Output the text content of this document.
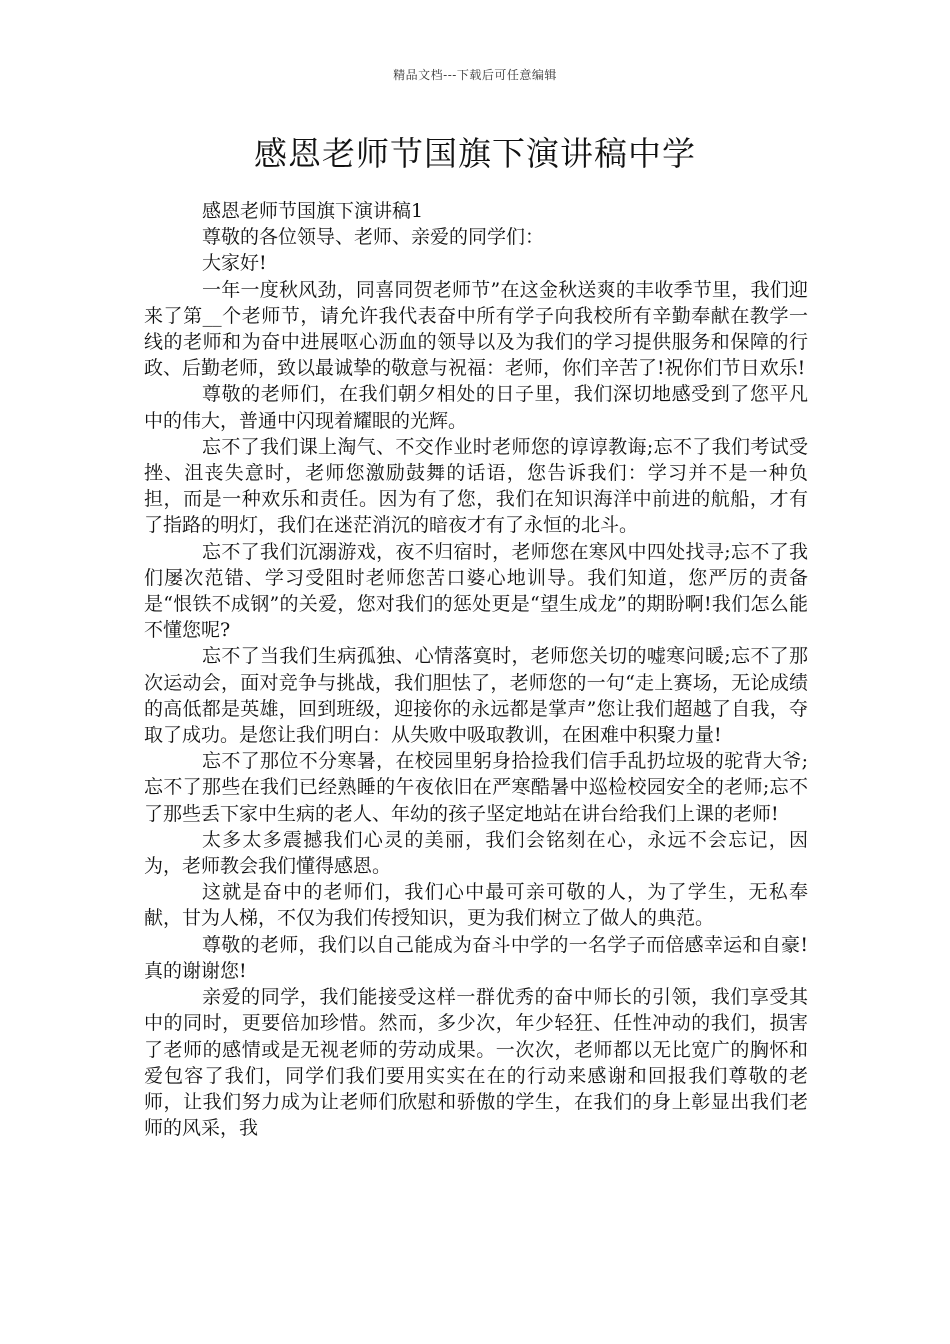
精品文档---下载后可任意编辑
感恩老师节国旗下演讲稿中学

感恩老师节国旗下演讲稿1

尊敬的各位领导、老师、亲爱的同学们：

大家好!

一年一度秋风劲，同喜同贺老师节”在这金秋送爽的丰收季节里，我们迎来了第__个老师节，请允许我代表奋中所有学子向我校所有辛勤奉献在教学一线的老师和为奋中进展呕心沥血的领导以及为我们的学习提供服务和保障的行政、后勤老师，致以最诚挚的敬意与祝福：老师，你们辛苦了!祝你们节日欢乐!

尊敬的老师们，在我们朝夕相处的日子里，我们深切地感受到了您平凡中的伟大，普通中闪现着耀眼的光辉。

忘不了我们课上淘气、不交作业时老师您的谆谆教诲;忘不了我们考试受挫、沮丧失意时，老师您激励鼓舞的话语，您告诉我们：学习并不是一种负担，而是一种欢乐和责任。因为有了您，我们在知识海洋中前进的航船，才有了指路的明灯，我们在迷茫消沉的暗夜才有了永恒的北斗。

忘不了我们沉溺游戏，夜不归宿时，老师您在寒风中四处找寻;忘不了我们屡次范错、学习受阻时老师您苦口婆心地训导。我们知道，您严厉的责备是“恨铁不成钢”的关爱，您对我们的惩处更是“望生成龙”的期盼啊!我们怎么能不懂您呢?

忘不了当我们生病孤独、心情落寞时，老师您关切的嘘寒问暖;忘不了那次运动会，面对竞争与挑战，我们胆怯了，老师您的一句“走上赛场，无论成绩的高低都是英雄，回到班级，迎接你的永远都是掌声”您让我们超越了自我，夺取了成功。是您让我们明白：从失败中吸取教训，在困难中积聚力量!

忘不了那位不分寒暑，在校园里躬身拾捡我们信手乱扔垃圾的驼背大爷;忘不了那些在我们已经熟睡的午夜依旧在严寒酷暑中巡检校园安全的老师;忘不了那些丢下家中生病的老人、年幼的孩子坚定地站在讲台给我们上课的老师!

太多太多震撼我们心灵的美丽，我们会铭刻在心，永远不会忘记，因为，老师教会我们懂得感恩。

这就是奋中的老师们，我们心中最可亲可敬的人，为了学生，无私奉献，甘为人梯，不仅为我们传授知识，更为我们树立了做人的典范。

尊敬的老师，我们以自己能成为奋斗中学的一名学子而倍感幸运和自豪!真的谢谢您!

亲爱的同学，我们能接受这样一群优秀的奋中师长的引领，我们享受其中的同时，更要倍加珍惜。然而，多少次，年少轻狂、任性冲动的我们，损害了老师的感情或是无视老师的劳动成果。一次次，老师都以无比宽广的胸怀和爱包容了我们，同学们我们要用实实在在的行动来感谢和回报我们尊敬的老师，让我们努力成为让老师们欣慰和骄傲的学生，在我们的身上彰显出我们老师的风采，我
